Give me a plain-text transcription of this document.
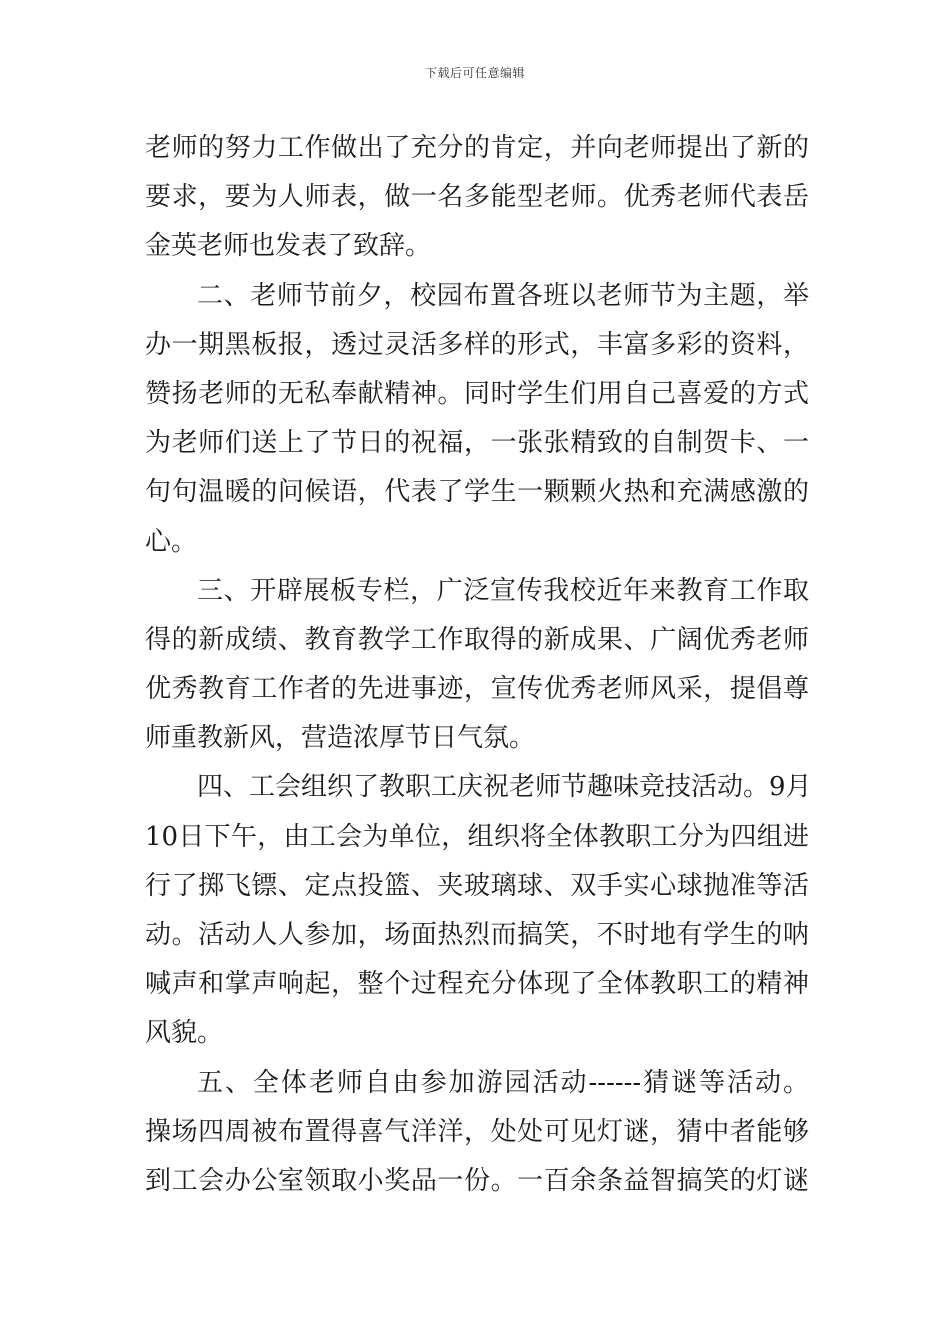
下载后可任意编辑
老师的努力工作做出了充分的肯定，并向老师提出了新的
要求，要为人师表，做一名多能型老师。优秀老师代表岳
金英老师也发表了致辞。
二、老师节前夕，校园布置各班以老师节为主题，举
办一期黑板报，透过灵活多样的形式，丰富多彩的资料，
赞扬老师的无私奉献精神。同时学生们用自己喜爱的方式
为老师们送上了节日的祝福，一张张精致的自制贺卡、一
句句温暖的问候语，代表了学生一颗颗火热和充满感激的
心。
三、开辟展板专栏，广泛宣传我校近年来教育工作取
得的新成绩、教育教学工作取得的新成果、广阔优秀老师
优秀教育工作者的先进事迹，宣传优秀老师风采，提倡尊
师重教新风，营造浓厚节日气氛。
四、工会组织了教职工庆祝老师节趣味竞技活动。9月
10日下午，由工会为单位，组织将全体教职工分为四组进
行了掷飞镖、定点投篮、夹玻璃球、双手实心球抛准等活
动。活动人人参加，场面热烈而搞笑，不时地有学生的呐
喊声和掌声响起，整个过程充分体现了全体教职工的精神
风貌。
五、全体老师自由参加游园活动------猜谜等活动。
操场四周被布置得喜气洋洋，处处可见灯谜，猜中者能够
到工会办公室领取小奖品一份。一百余条益智搞笑的灯谜
